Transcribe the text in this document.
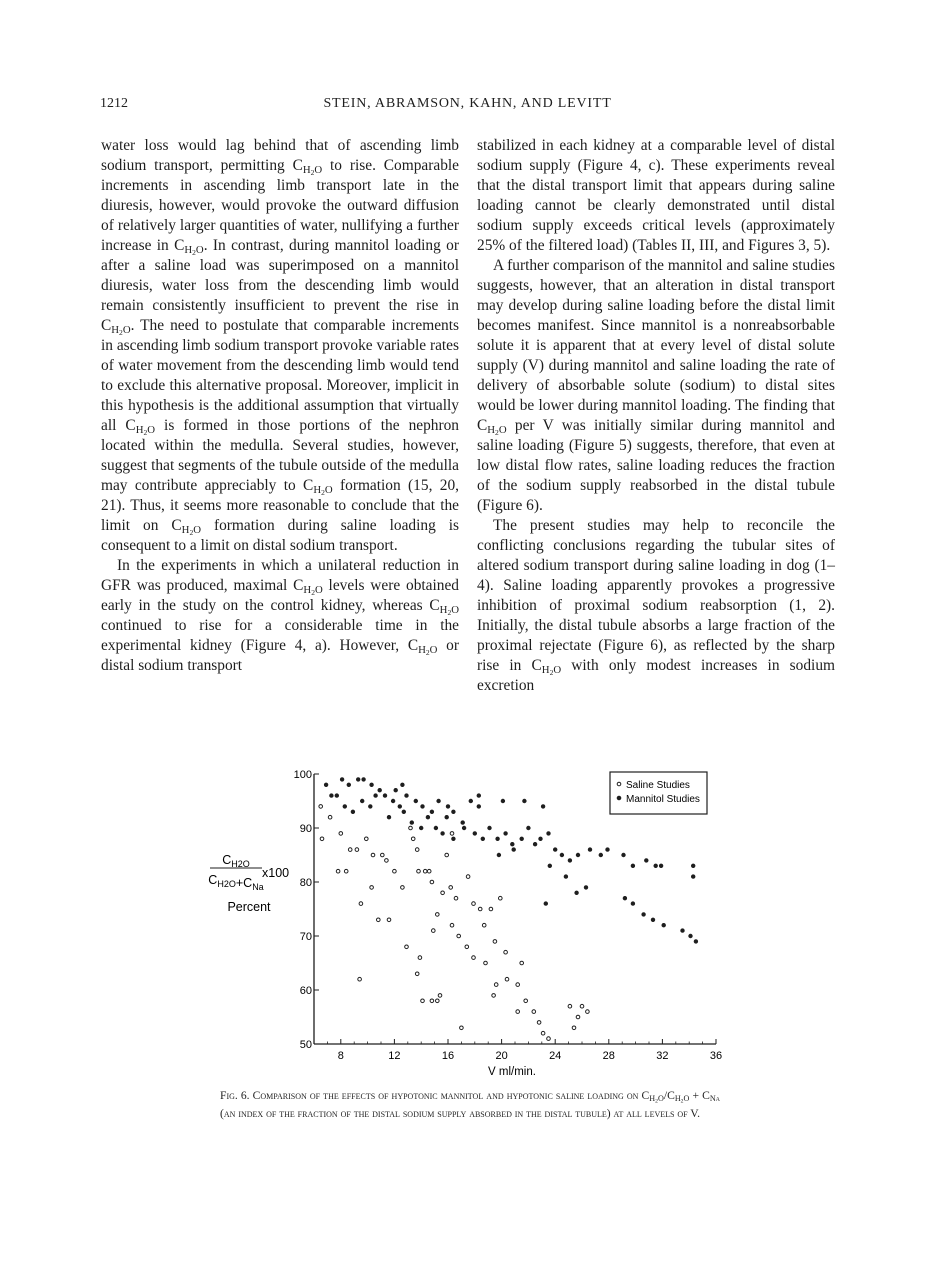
1212	STEIN, ABRAMSON, KAHN, AND LEVITT

water loss would lag behind that of ascending limb sodium transport, permitting $C_{H_2O}$ to rise. Comparable increments in ascending limb transport late in the diuresis, however, would provoke the outward diffusion of relatively larger quantities of water, nullifying a further increase in $C_{H_2O}$. In contrast, during mannitol loading or after a saline load was superimposed on a mannitol diuresis, water loss from the descending limb would remain consistently insufficient to prevent the rise in $C_{H_2O}$. The need to postulate that comparable increments in ascending limb sodium transport provoke variable rates of water movement from the descending limb would tend to exclude this alternative proposal. Moreover, implicit in this hypothesis is the additional assumption that virtually all $C_{H_2O}$ is formed in those portions of the nephron located within the medulla. Several studies, however, suggest that segments of the tubule outside of the medulla may contribute appreciably to $C_{H_2O}$ formation (15, 20, 21). Thus, it seems more reasonable to conclude that the limit on $C_{H_2O}$ formation during saline loading is consequent to a limit on distal sodium transport.

In the experiments in which a unilateral reduction in GFR was produced, maximal $C_{H_2O}$ levels were obtained early in the study on the control kidney, whereas $C_{H_2O}$ continued to rise for a considerable time in the experimental kidney (Figure 4, a). However, $C_{H_2O}$ or distal sodium transport

stabilized in each kidney at a comparable level of distal sodium supply (Figure 4, c). These experiments reveal that the distal transport limit that appears during saline loading cannot be clearly demonstrated until distal sodium supply exceeds critical levels (approximately 25% of the filtered load) (Tables II, III, and Figures 3, 5).

A further comparison of the mannitol and saline studies suggests, however, that an alteration in distal transport may develop during saline loading before the distal limit becomes manifest. Since mannitol is a nonreabsorbable solute it is apparent that at every level of distal solute supply (V) during mannitol and saline loading the rate of delivery of absorbable solute (sodium) to distal sites would be lower during mannitol loading. The finding that $C_{H_2O}$ per V was initially similar during mannitol and saline loading (Figure 5) suggests, therefore, that even at low distal flow rates, saline loading reduces the fraction of the sodium supply reabsorbed in the distal tubule (Figure 6).

The present studies may help to reconcile the conflicting conclusions regarding the tubular sites of altered sodium transport during saline loading in dog (1–4). Saline loading apparently provokes a progressive inhibition of proximal sodium reabsorption (1, 2). Initially, the distal tubule absorbs a large fraction of the proximal rejectate (Figure 6), as reflected by the sharp rise in $C_{H_2O}$ with only modest increases in sodium excretion

50
60
70
80
90
100
8	12	16	20	24	28	32	36
Saline Studies
Mannitol Studies
$C_{H2O}$
$C_{H2O}+C_{Na}$
x100
Percent
V ml/min.
Fig. 6. Comparison of the effects of hypotonic mannitol and hypotonic saline loading on $C_{H_2O}/C_{H_2O} + C_{Na}$ (an index of the fraction of the distal sodium supply absorbed in the distal tubule) at all levels of V.
